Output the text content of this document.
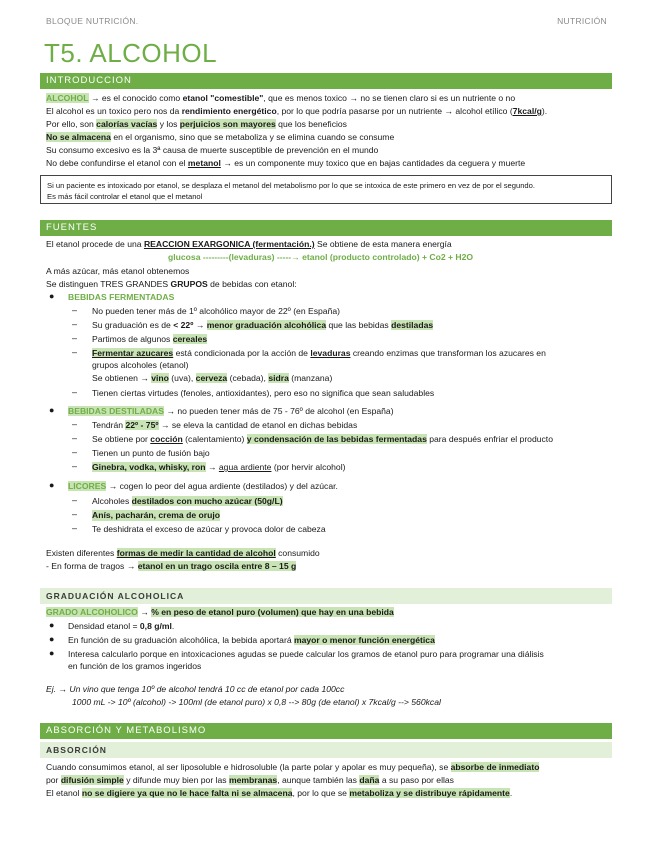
BLOQUE NUTRICIÓN.	NUTRICIÓN
T5. ALCOHOL
INTRODUCCION
ALCOHOL → es el conocido como etanol "comestible", que es menos toxico → no se tienen claro si es un nutriente o no
El alcohol es un toxico pero nos da rendimiento energético, por lo que podría pasarse por un nutriente → alcohol etílico (7kcal/g).
Por ello, son calorías vacías y los perjuicios son mayores que los beneficios
No se almacena en el organismo, sino que se metaboliza y se elimina cuando se consume
Su consumo excesivo es la 3ª causa de muerte susceptible de prevención en el mundo
No debe confundirse el etanol con el metanol → es un componente muy toxico que en bajas cantidades da ceguera y muerte
Si un paciente es intoxicado por etanol, se desplaza el metanol del metabolismo por lo que se intoxica de este primero en vez de por el segundo.
Es más fácil controlar el etanol que el metanol
FUENTES
El etanol procede de una REACCION EXARGONICA (fermentación.) Se obtiene de esta manera energía
glucosa ---------(levaduras) -----→ etanol (producto controlado) + Co2 + H2O
A más azúcar, más etanol obtenemos
Se distinguen TRES GRANDES GRUPOS de bebidas con etanol:
● BEBIDAS FERMENTADAS
– No pueden tener más de 1º alcohólico mayor de 22º (en España)
– Su graduación es de < 22º → menor graduación alcohólica que las bebidas destiladas
– Partimos de algunos cereales
– Fermentar azucares está condicionada por la acción de levaduras creando enzimas que transforman los azucares en
grupos alcoholes (etanol)
Se obtienen → vino (uva), cerveza (cebada), sidra (manzana)
– Tienen ciertas virtudes (fenoles, antioxidantes), pero eso no significa que sean saludables
● BEBIDAS DESTILADAS → no pueden tener más de 75 - 76º de alcohol (en España)
– Tendrán 22º - 75º → se eleva la cantidad de etanol en dichas bebidas
– Se obtiene por cocción (calentamiento) y condensación de las bebidas fermentadas para después enfriar el producto
– Tienen un punto de fusión bajo
– Ginebra, vodka, whisky, ron → agua ardiente (por hervir alcohol)
● LICORES → cogen lo peor del agua ardiente (destilados) y del azúcar.
– Alcoholes destilados con mucho azúcar (50g/L)
– Anís, pacharán, crema de orujo
– Te deshidrata el exceso de azúcar y provoca dolor de cabeza
Existen diferentes formas de medir la cantidad de alcohol consumido
- En forma de tragos → etanol en un trago oscila entre 8 – 15 g
GRADUACIÓN ALCOHOLICA
GRADO ALCOHOLICO → % en peso de etanol puro (volumen) que hay en una bebida
● Densidad etanol = 0,8 g/ml.
● En función de su graduación alcohólica, la bebida aportará mayor o menor función energética
● Interesa calcularlo porque en intoxicaciones agudas se puede calcular los gramos de etanol puro para programar una diálisis
en función de los gramos ingeridos
Ej. → Un vino que tenga 10º de alcohol tendrá 10 cc de etanol por cada 100cc
1000 mL -> 10º (alcohol) -> 100ml (de etanol puro) x 0,8 --> 80g (de etanol) x 7kcal/g --> 560kcal
ABSORCIÓN Y METABOLISMO
ABSORCIÓN
Cuando consumimos etanol, al ser liposoluble e hidrosoluble (la parte polar y apolar es muy pequeña), se absorbe de inmediato
por difusión simple y difunde muy bien por las membranas, aunque también las daña a su paso por ellas
El etanol no se digiere ya que no le hace falta ni se almacena, por lo que se metaboliza y se distribuye rápidamente.
